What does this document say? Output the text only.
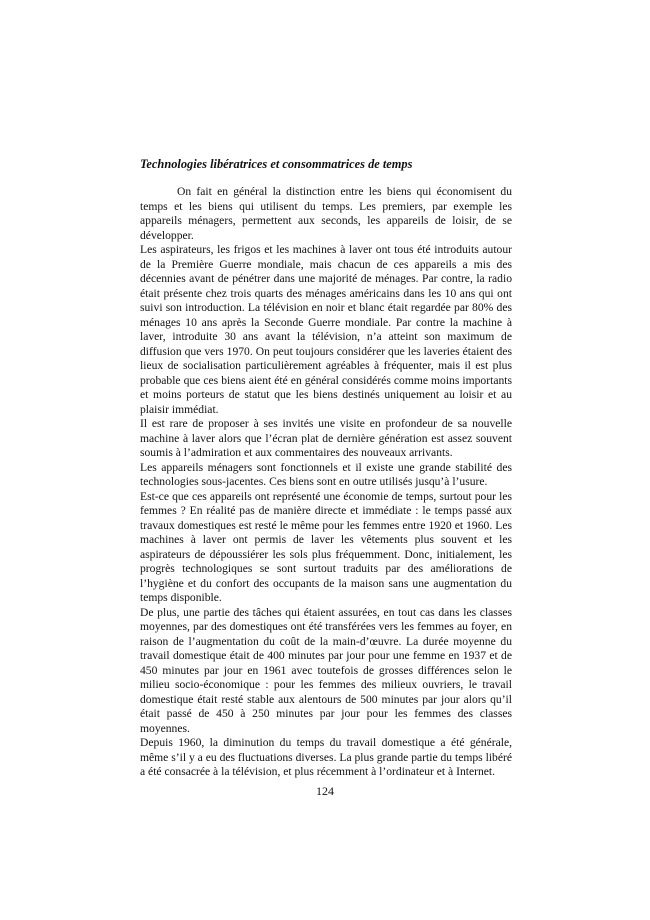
Technologies libératrices et consommatrices de temps

On fait en général la distinction entre les biens qui économisent du temps et les biens qui utilisent du temps. Les premiers, par exemple les appareils ménagers, permettent aux seconds, les appareils de loisir, de se développer.

Les aspirateurs, les frigos et les machines à laver ont tous été introduits autour de la Première Guerre mondiale, mais chacun de ces appareils a mis des décennies avant de pénétrer dans une majorité de ménages. Par contre, la radio était présente chez trois quarts des ménages américains dans les 10 ans qui ont suivi son introduction. La télévision en noir et blanc était regardée par 80% des ménages 10 ans après la Seconde Guerre mondiale. Par contre la machine à laver, introduite 30 ans avant la télévision, n’a atteint son maximum de diffusion que vers 1970. On peut toujours considérer que les laveries étaient des lieux de socialisation particulièrement agréables à fréquenter, mais il est plus probable que ces biens aient été en général considérés comme moins importants et moins porteurs de statut que les biens destinés uniquement au loisir et au plaisir immédiat.

Il est rare de proposer à ses invités une visite en profondeur de sa nouvelle machine à laver alors que l’écran plat de dernière génération est assez souvent soumis à l’admiration et aux commentaires des nouveaux arrivants.

Les appareils ménagers sont fonctionnels et il existe une grande stabilité des technologies sous-jacentes. Ces biens sont en outre utilisés jusqu’à l’usure.

Est-ce que ces appareils ont représenté une économie de temps, surtout pour les femmes ? En réalité pas de manière directe et immédiate : le temps passé aux travaux domestiques est resté le même pour les femmes entre 1920 et 1960. Les machines à laver ont permis de laver les vêtements plus souvent et les aspirateurs de dépoussiérer les sols plus fréquemment. Donc, initialement, les progrès technologiques se sont surtout traduits par des améliorations de l’hygiène et du confort des occupants de la maison sans une augmentation du temps disponible.

De plus, une partie des tâches qui étaient assurées, en tout cas dans les classes moyennes, par des domestiques ont été transférées vers les femmes au foyer, en raison de l’augmentation du coût de la main-d’œuvre. La durée moyenne du travail domestique était de 400 minutes par jour pour une femme en 1937 et de 450 minutes par jour en 1961 avec toutefois de grosses différences selon le milieu socio-économique : pour les femmes des milieux ouvriers, le travail domestique était resté stable aux alentours de 500 minutes par jour alors qu’il était passé de 450 à 250 minutes par jour pour les femmes des classes moyennes.

Depuis 1960, la diminution du temps du travail domestique a été générale, même s’il y a eu des fluctuations diverses. La plus grande partie du temps libéré a été consacrée à la télévision, et plus récemment à l’ordinateur et à Internet.

124
